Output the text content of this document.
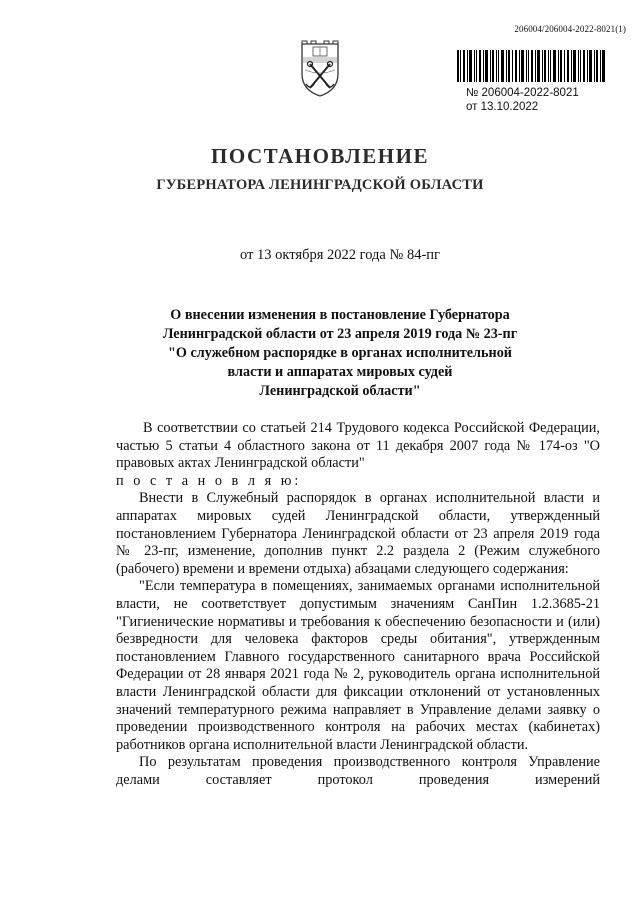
206004/206004-2022-8021(1)
№ 206004-2022-8021
от 13.10.2022
ПОСТАНОВЛЕНИЕ
ГУБЕРНАТОРА ЛЕНИНГРАДСКОЙ ОБЛАСТИ
от 13 октября 2022 года № 84-пг
О внесении изменения в постановление Губернатора
Ленинградской области от 23 апреля 2019 года № 23-пг
"О служебном распорядке в органах исполнительной
власти и аппаратах мировых судей
Ленинградской области"

В соответствии со статьей 214 Трудового кодекса Российской Федерации, частью 5 статьи 4 областного закона от 11 декабря 2007 года № 174-оз "О правовых актах Ленинградской области"

п о с т а н о в л я ю:

Внести в Служебный распорядок в органах исполнительной власти и аппаратах мировых судей Ленинградской области, утвержденный постановлением Губернатора Ленинградской области от 23 апреля 2019 года № 23-пг, изменение, дополнив пункт 2.2 раздела 2 (Режим служебного (рабочего) времени и времени отдыха) абзацами следующего содержания:

"Если температура в помещениях, занимаемых органами исполнительной власти, не соответствует допустимым значениям СанПин 1.2.3685-21 "Гигиенические нормативы и требования к обеспечению безопасности и (или) безвредности для человека факторов среды обитания", утвержденным постановлением Главного государственного санитарного врача Российской Федерации от 28 января 2021 года № 2, руководитель органа исполнительной власти Ленинградской области для фиксации отклонений от установленных значений температурного режима направляет в Управление делами заявку о проведении производственного контроля на рабочих местах (кабинетах) работников органа исполнительной власти Ленинградской области.

По результатам проведения производственного контроля Управление делами составляет протокол проведения измерений
